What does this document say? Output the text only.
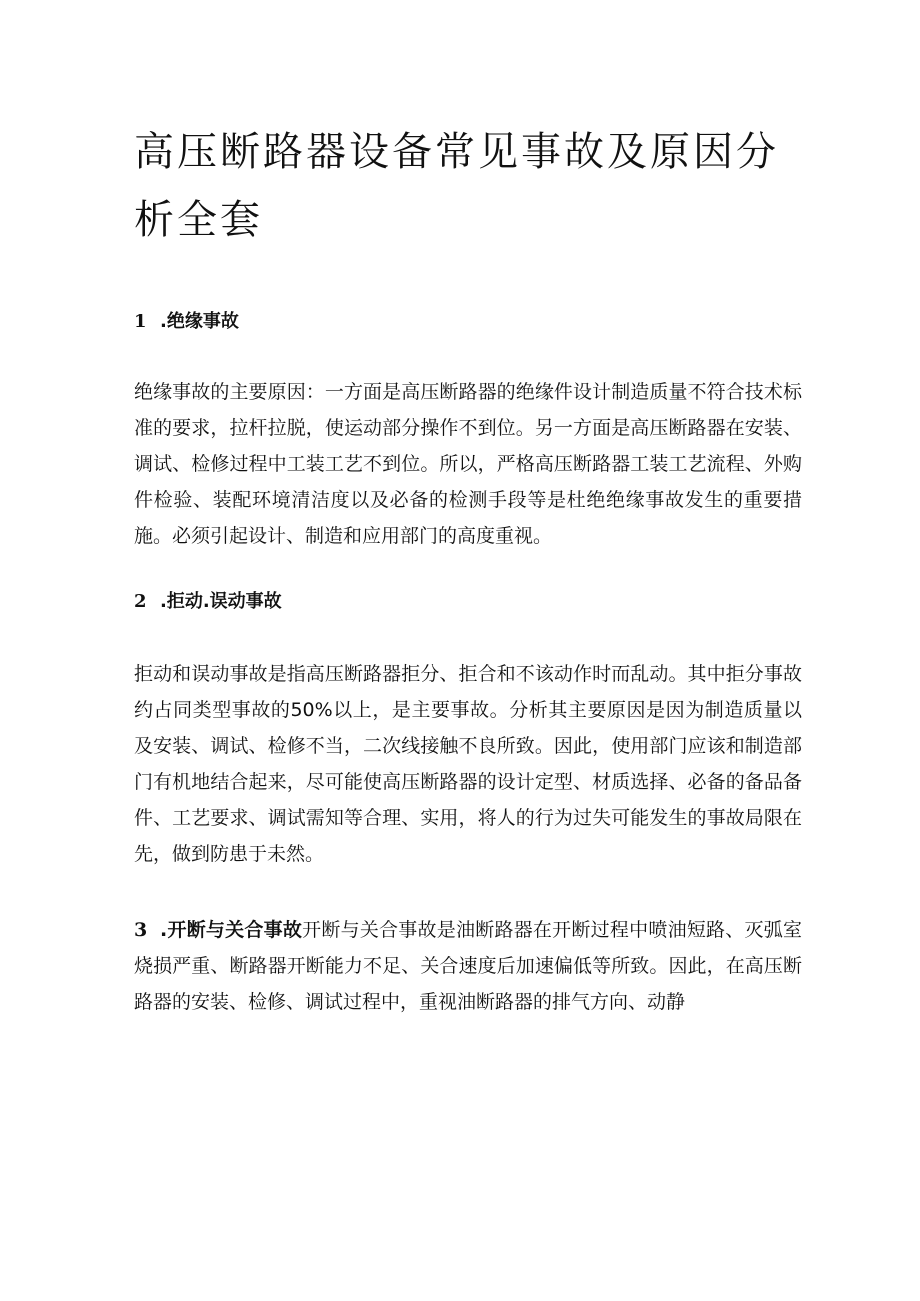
高压断路器设备常见事故及原因分析全套
1 .绝缘事故

绝缘事故的主要原因：一方面是高压断路器的绝缘件设计制造质量不符合技术标准的要求，拉杆拉脱，使运动部分操作不到位。另一方面是高压断路器在安装、调试、检修过程中工装工艺不到位。所以，严格高压断路器工装工艺流程、外购件检验、装配环境清洁度以及必备的检测手段等是杜绝绝缘事故发生的重要措施。必须引起设计、制造和应用部门的高度重视。

2 .拒动.误动事故

拒动和误动事故是指高压断路器拒分、拒合和不该动作时而乱动。其中拒分事故约占同类型事故的50%以上，是主要事故。分析其主要原因是因为制造质量以及安装、调试、检修不当，二次线接触不良所致。因此，使用部门应该和制造部门有机地结合起来，尽可能使高压断路器的设计定型、材质选择、必备的备品备件、工艺要求、调试需知等合理、实用，将人的行为过失可能发生的事故局限在先，做到防患于未然。

3 .开断与关合事故开断与关合事故是油断路器在开断过程中喷油短路、灭弧室烧损严重、断路器开断能力不足、关合速度后加速偏低等所致。因此，在高压断路器的安装、检修、调试过程中，重视油断路器的排气方向、动静
